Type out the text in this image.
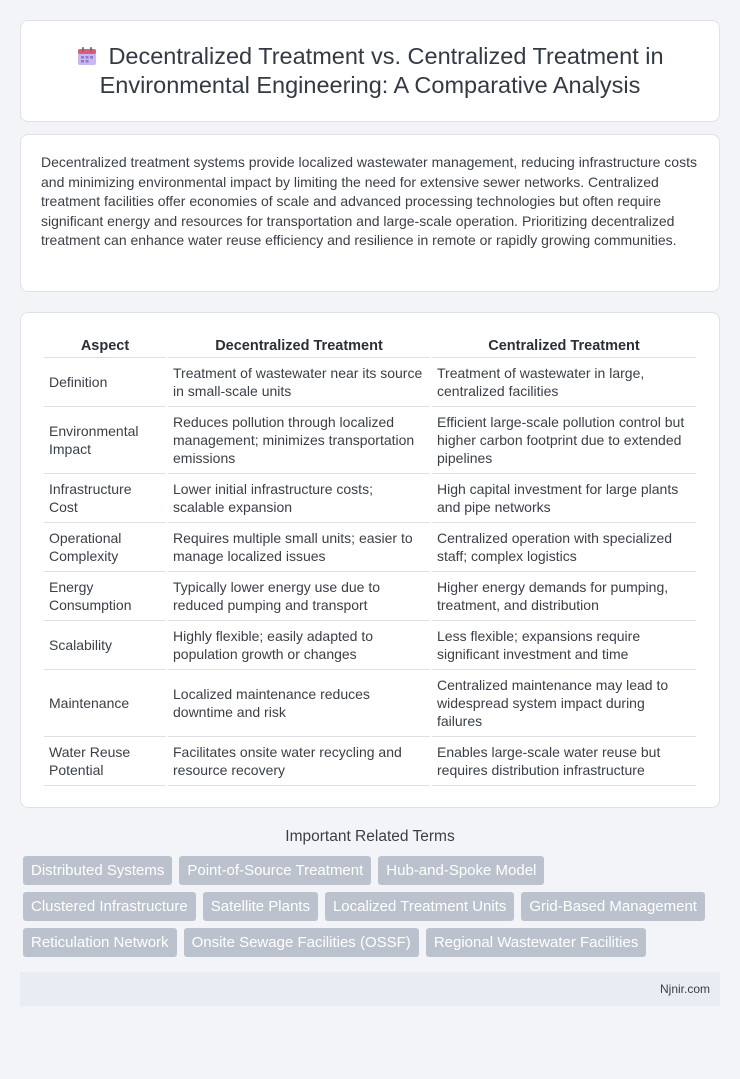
Decentralized Treatment vs. Centralized Treatment in Environmental Engineering: A Comparative Analysis

Decentralized treatment systems provide localized wastewater management, reducing infrastructure costs and minimizing environmental impact by limiting the need for extensive sewer networks. Centralized treatment facilities offer economies of scale and advanced processing technologies but often require significant energy and resources for transportation and large-scale operation. Prioritizing decentralized treatment can enhance water reuse efficiency and resilience in remote or rapidly growing communities.

Aspect	Decentralized Treatment	Centralized Treatment
Definition	Treatment of wastewater near its source in small-scale units	Treatment of wastewater in large, centralized facilities
Environmental Impact	Reduces pollution through localized management; minimizes transportation emissions	Efficient large-scale pollution control but higher carbon footprint due to extended pipelines
Infrastructure Cost	Lower initial infrastructure costs; scalable expansion	High capital investment for large plants and pipe networks
Operational Complexity	Requires multiple small units; easier to manage localized issues	Centralized operation with specialized staff; complex logistics
Energy Consumption	Typically lower energy use due to reduced pumping and transport	Higher energy demands for pumping, treatment, and distribution
Scalability	Highly flexible; easily adapted to population growth or changes	Less flexible; expansions require significant investment and time
Maintenance	Localized maintenance reduces downtime and risk	Centralized maintenance may lead to widespread system impact during failures
Water Reuse Potential	Facilitates onsite water recycling and resource recovery	Enables large-scale water reuse but requires distribution infrastructure
Important Related Terms
Distributed Systems	Point-of-Source Treatment	Hub-and-Spoke Model
Clustered Infrastructure	Satellite Plants	Localized Treatment Units	Grid-Based Management
Reticulation Network	Onsite Sewage Facilities (OSSF)	Regional Wastewater Facilities
Njnir.com
